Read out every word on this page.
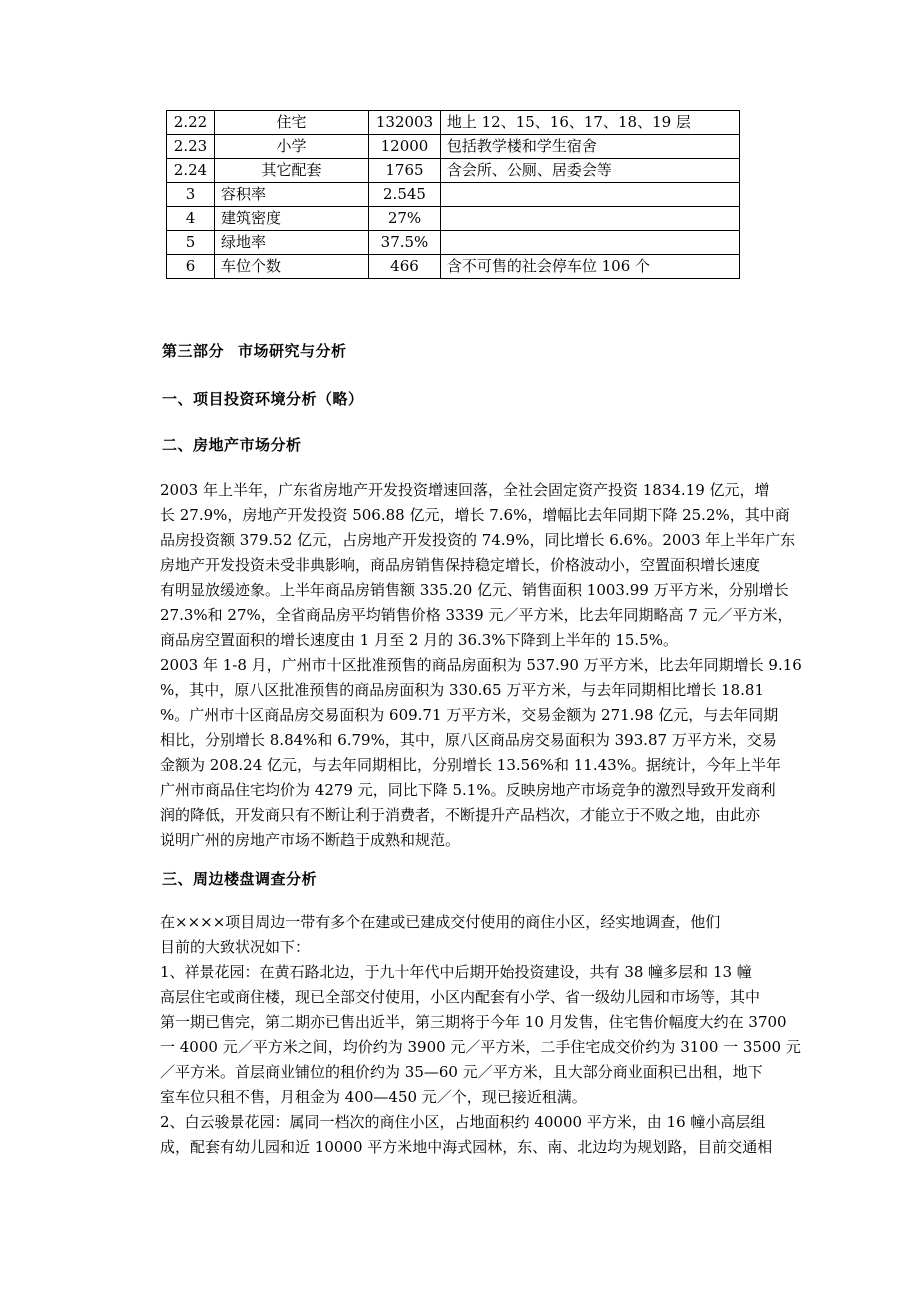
2.22	住宅	132003	地上 12、15、16、17、18、19 层
2.23	小学	12000	包括教学楼和学生宿舍
2.24	其它配套	1765	含会所、公厕、居委会等
3	容积率	2.545	
4	建筑密度	27%	
5	绿地率	37.5%	
6	车位个数	466	含不可售的社会停车位 106 个
第三部分 市场研究与分析
一、项目投资环境分析（略）
二、房地产市场分析

2003 年上半年，广东省房地产开发投资增速回落，全社会固定资产投资 1834.19 亿元，增
长 27.9%，房地产开发投资 506.88 亿元，增长 7.6%，增幅比去年同期下降 25.2%，其中商
品房投资额 379.52 亿元，占房地产开发投资的 74.9%，同比增长 6.6%。2003 年上半年广东
房地产开发投资未受非典影响，商品房销售保持稳定增长，价格波动小，空置面积增长速度
有明显放缓迹象。上半年商品房销售额 335.20 亿元、销售面积 1003.99 万平方米，分别增长
27.3%和 27%，全省商品房平均销售价格 3339 元／平方米，比去年同期略高 7 元／平方米，
商品房空置面积的增长速度由 1 月至 2 月的 36.3%下降到上半年的 15.5%。

2003 年 1-8 月，广州市十区批准预售的商品房面积为 537.90 万平方米，比去年同期增长 9.16
%，其中，原八区批准预售的商品房面积为 330.65 万平方米，与去年同期相比增长 18.81
%。广州市十区商品房交易面积为 609.71 万平方米，交易金额为 271.98 亿元，与去年同期
相比，分别增长 8.84%和 6.79%，其中，原八区商品房交易面积为 393.87 万平方米，交易
金额为 208.24 亿元，与去年同期相比，分别增长 13.56%和 11.43%。据统计，今年上半年
广州市商品住宅均价为 4279 元，同比下降 5.1%。反映房地产市场竞争的激烈导致开发商利
润的降低，开发商只有不断让利于消费者，不断提升产品档次，才能立于不败之地，由此亦
说明广州的房地产市场不断趋于成熟和规范。

三、周边楼盘调查分析

在××××项目周边一带有多个在建或已建成交付使用的商住小区，经实地调查，他们
目前的大致状况如下：

1、祥景花园：在黄石路北边，于九十年代中后期开始投资建设，共有 38 幢多层和 13 幢
高层住宅或商住楼，现已全部交付使用，小区内配套有小学、省一级幼儿园和市场等，其中
第一期已售完，第二期亦已售出近半，第三期将于今年 10 月发售，住宅售价幅度大约在 3700
一 4000 元／平方米之间，均价约为 3900 元／平方米，二手住宅成交价约为 3100 一 3500 元
／平方米。首层商业铺位的租价约为 35—60 元／平方米，且大部分商业面积已出租，地下
室车位只租不售，月租金为 400—450 元／个，现已接近租满。

2、白云骏景花园：属同一档次的商住小区，占地面积约 40000 平方米，由 16 幢小高层组
成，配套有幼儿园和近 10000 平方米地中海式园林，东、南、北边均为规划路，目前交通相
